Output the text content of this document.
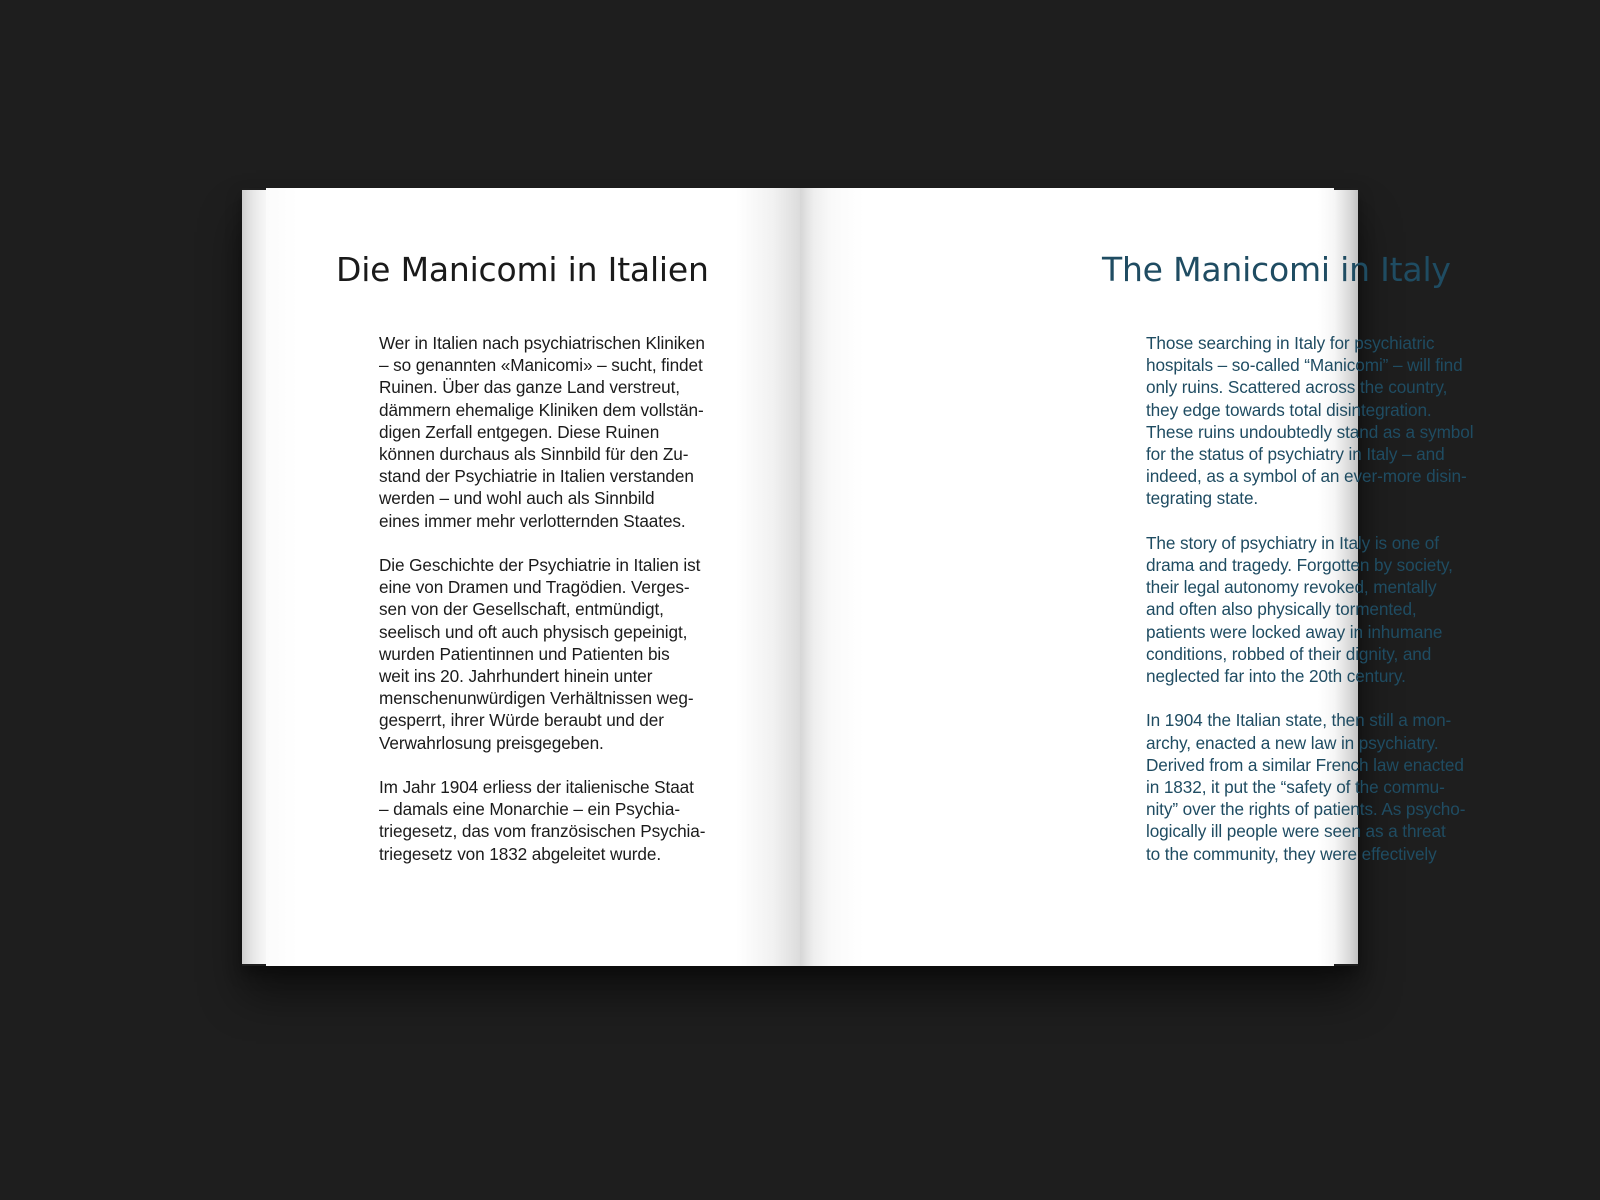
Die Manicomi in Italien

Wer in Italien nach psychiatrischen Kliniken
– so genannten «Manicomi» – sucht, findet
Ruinen. Über das ganze Land verstreut,
dämmern ehemalige Kliniken dem vollstän-
digen Zerfall entgegen. Diese Ruinen
können durchaus als Sinnbild für den Zu-
stand der Psychiatrie in Italien verstanden
werden – und wohl auch als Sinnbild
eines immer mehr verlotternden Staates.

Die Geschichte der Psychiatrie in Italien ist
eine von Dramen und Tragödien. Verges-
sen von der Gesellschaft, entmündigt,
seelisch und oft auch physisch gepeinigt,
wurden Patientinnen und Patienten bis
weit ins 20. Jahrhundert hinein unter
menschenunwürdigen Verhältnissen weg-
gesperrt, ihrer Würde beraubt und der
Verwahrlosung preisgegeben.

Im Jahr 1904 erliess der italienische Staat
– damals eine Monarchie – ein Psychia-
triegesetz, das vom französischen Psychia-
triegesetz von 1832 abgeleitet wurde.

The Manicomi in Italy

Those searching in Italy for psychiatric
hospitals – so-called “Manicomi” – will find
only ruins. Scattered across the country,
they edge towards total disintegration.
These ruins undoubtedly stand as a symbol
for the status of psychiatry in Italy – and
indeed, as a symbol of an ever-more disin-
tegrating state.

The story of psychiatry in Italy is one of
drama and tragedy. Forgotten by society,
their legal autonomy revoked, mentally
and often also physically tormented,
patients were locked away in inhumane
conditions, robbed of their dignity, and
neglected far into the 20th century.

In 1904 the Italian state, then still a mon-
archy, enacted a new law in psychiatry.
Derived from a similar French law enacted
in 1832, it put the “safety of the commu-
nity” over the rights of patients. As psycho-
logically ill people were seen as a threat
to the community, they were effectively
